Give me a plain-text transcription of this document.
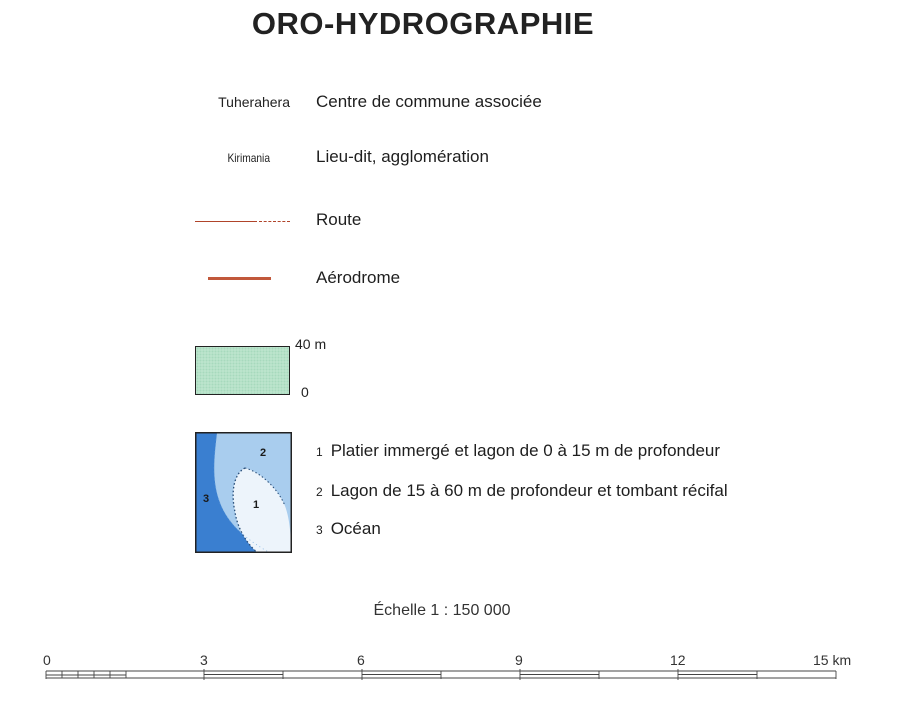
ORO-HYDROGRAPHIE
Tuherahera Centre de commune associée
Kirimania	Lieu-dit, agglomération
Route
Aérodrome
40 m
0
2
1
3
1 Platier immergé et lagon de 0 à 15 m de profondeur
2 Lagon de 15 à 60 m de profondeur et tombant récifal
3 Océan
Échelle 1 : 150 000
0	3	6	9	12	15 km
